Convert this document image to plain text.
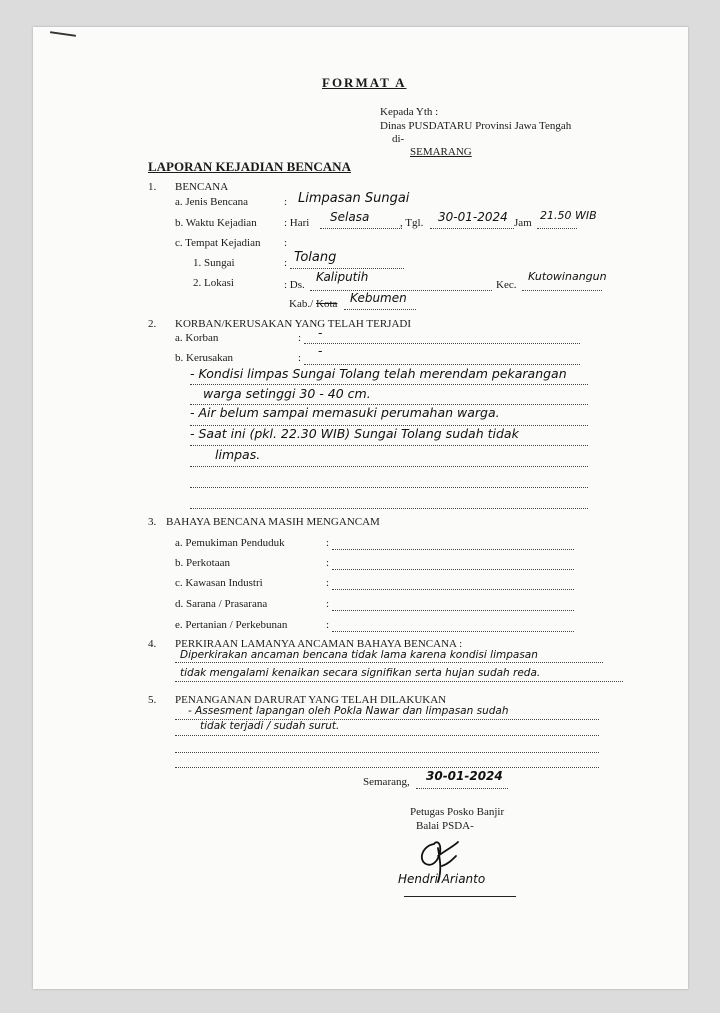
FORMAT A
Kepada Yth :
Dinas PUSDATARU Provinsi Jawa Tengah
di-
SEMARANG
LAPORAN KEJADIAN BENCANA
1. BENCANA
a. Jenis Bencana	: Limpasan Sungai
b. Waktu Kejadian : Hari Selasa	, Tgl. 30-01-2024 Jam
21.50 WIB
c. Tempat Kejadian :
1. Sungai	: Tolang
2. Lokasi	: Ds.
Kaliputih
Kec.
Kutowinangun
Kab./ Kota Kebumen
2. KORBAN/KERUSAKAN YANG TELAH TERJADI
a. Korban	: -
b. Kerusakan	: -
- Kondisi limpas Sungai Tolang telah merendam pekarangan
warga setinggi 30 - 40 cm.
- Air belum sampai memasuki perumahan warga.
- Saat ini (pkl. 22.30 WIB) Sungai Tolang sudah tidak
limpas.
3. BAHAYA BENCANA MASIH MENGANCAM
a. Pemukiman Penduduk	:
b. Perkotaan	:
c. Kawasan Industri	:
d. Sarana / Prasarana	:
e. Pertanian / Perkebunan	:
4. PERKIRAAN LAMANYA ANCAMAN BAHAYA BENCANA :
Diperkirakan ancaman bencana tidak lama karena kondisi limpasan
tidak mengalami kenaikan secara signifikan serta hujan sudah reda.
5. PENANGANAN DARURAT YANG TELAH DILAKUKAN
- Assesment lapangan oleh Pokla Nawar dan limpasan sudah
tidak terjadi / sudah surut.
Semarang, 30-01-2024
Petugas Posko Banjir
Balai PSDA-
Hendri Arianto
